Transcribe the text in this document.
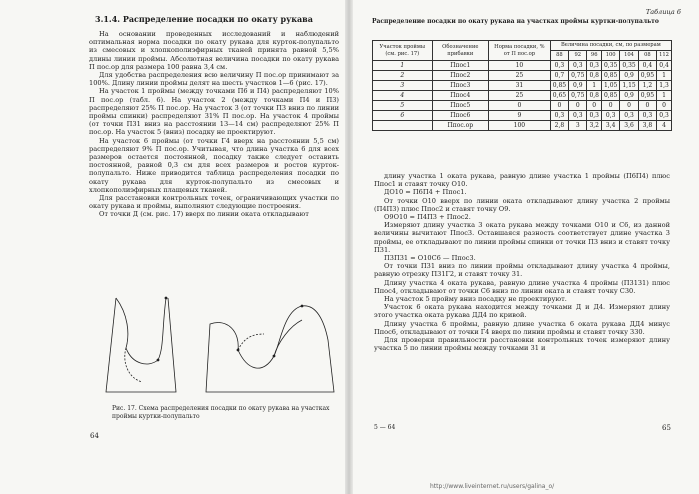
3.1.4. Распределение посадки по окату рукава

На основании проведенных исследований и наблюдений оптимальная норма посадки по окату рукава для курток-полупальто из смесовых и хлопкополиэфирных тканей принята равной 5,5% длины линии проймы. Абсолютная величина посадки по окату рукава П пос.ор для размера 100 равна 3,4 см.

Для удобства распределения всю величину П пос.ор принимают за 100%. Длину линии проймы делят на шесть участков 1—6 (рис. 17).

На участок 1 проймы (между точками П6 и П4) распределяют 10% П пос.ор (табл. 6). На участок 2 (между точками П4 и П3) распределяют 25% П пос.ор. На участок 3 (от точки П3 вниз по линии проймы спинки) распределяют 31% П пос.ор. На участок 4 проймы (от точки П31 вниз на расстоянии 13—14 см) распределяют 25% П пос.ор. На участок 5 (вниз) посадку не проектируют.

На участок 6 проймы (от точки Г4 вверх на расстоянии 5,5 см) распределяют 9% П пос.ор. Учитывая, что длина участка 6 для всех размеров остается постоянной, посадку также следует оставить постоянной, равной 0,3 см для всех размеров и ростов курток-полупальто. Ниже приводится таблица распределения посадки по окату рукава для курток-полупальто из смесовых и хлопкополиэфирных плащевых тканей.

Для расстановки контрольных точек, ограничивающих участки по окату рукава и проймы, выполняют следующие построения.

От точки Д (см. рис. 17) вверх по линии оката откладывают

Рис. 17. Схема распределения посадки по окату рукава на участках проймы куртки-полупальто
64
Таблица 6
Распределение посадки по окату рукава на участках проймы куртки-полупальто
Участок проймы (см. рис. 17)	Обозначение прибавки	Норма посадки, % от П пос.ор	Величина посадки, см, по размерам						
			88	92	96	100	104	08	112
1	Ппос1	10	0,3	0,3	0,3	0,35	0,35	0,4	0,4
2	Ппос2	25	0,7	0,75	0,8	0,85	0,9	0,95	1
3	Ппос3	31	0,85	0,9	1	1,05	1,15	1,2	1,3
4	Ппос4	25	0,65	0,75	0,8	0,85	0,9	0,95	1
5	Ппос5	0	0	0	0	0	0	0	0
6	Ппос6	9	0,3	0,3	0,3	0,3	0,3	0,3	0,3
	Ппос.ор	100	2,8	3	3,2	3,4	3,6	3,8	4

длину участка 1 оката рукава, равную длине участка 1 проймы (П6П4) плюс Ппос1 и ставят точку О10.

ДО10 = П6П4 + Ппос1.

От точки О10 вверх по линии оката откладывают длину участка 2 проймы (П4П3) плюс Ппос2 и ставят точку О9.

О9О10 = П4П3 + Ппос2.

Измеряют длину участка 3 оката рукава между точками О10 и С6, из данной величины вычитают Ппос3. Оставшаяся разность соответствует длине участка 3 проймы, ее откладывают по линии проймы спинки от точки П3 вниз и ставят точку П31.

П3П31 = О10С6 — Ппос3.

От точки П31 вниз по линии проймы откладывают длину участка 4 проймы, равную отрезку П31Г2, и ставят точку 31.

Длину участка 4 оката рукава, равную длине участка 4 проймы (П31З1) плюс Ппос4, откладывают от точки С6 вниз по линии оката и ставят точку С30.

На участок 5 пройму вниз посадку не проектируют.

Участок 6 оката рукава находится между точками Д и Д4. Измеряют длину этого участка оката рукава ДД4 по кривой.

Длину участка 6 проймы, равную длине участка 6 оката рукава ДД4 минус Ппос6, откладывают от точки Г4 вверх по линии проймы и ставят точку 330.

Для проверки правильности расстановки контрольных точек измеряют длину участка 5 по линии проймы между точками 31 и

5 — 64	65
http://www.liveinternet.ru/users/galina_o/
